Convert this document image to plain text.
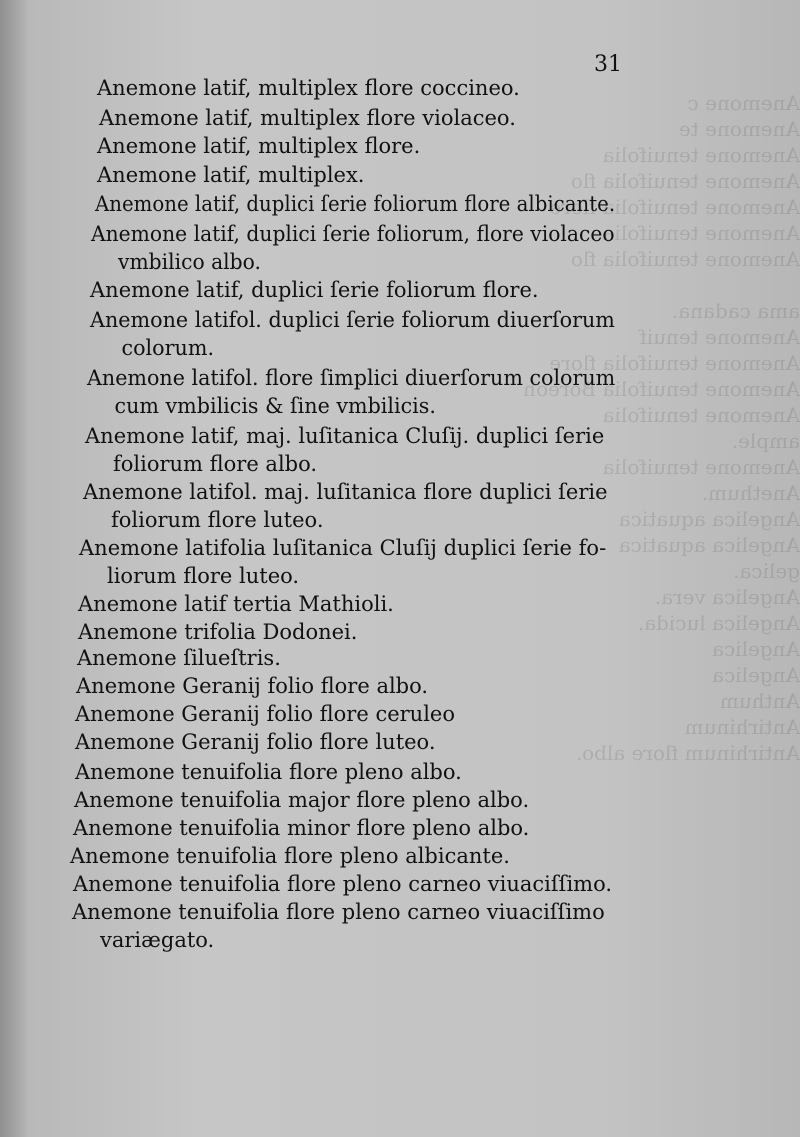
Anemone c
Anemone te
Anemone tenuifolia
Anemone tenuifolia flo
Anemone tenuifolia flore
Anemone tenuifolia
Anemone tenuifolia flo
ama cadana.
Anemone tenuif
Anemone tenuifolia flore
Anemone tenuifolia Boreoh
Anemone tenuifolia
ample.
Anemone tenuifolia
Anethum.
Angelica aquatica
Angelica aquatica
gelica.
Angelica vera.
Angelica lucida.
Angelica
Angelica
Anthum
Antirhinum
Antirhinum flore albo.
31
Anemone latif, multiplex flore coccineo.
Anemone latif, multiplex flore violaceo.
Anemone latif, multiplex flore.
Anemone latif, multiplex.
Anemone latif, duplici ſerie foliorum flore albicante.
Anemone latif, duplici ſerie foliorum, flore violaceo
vmbilico albo.
Anemone latif, duplici ſerie foliorum flore.
Anemone latifol. duplici ſerie foliorum diuerſorum
colorum.
Anemone latifol. flore ſimplici diuerſorum colorum
cum vmbilicis & ſine vmbilicis.
Anemone latif, maj. luſitanica Cluſij. duplici ſerie
foliorum flore albo.
Anemone latifol. maj. luſitanica flore duplici ſerie
foliorum flore luteo.
Anemone latifolia luſitanica Cluſij duplici ſerie fo-
liorum flore luteo.
Anemone latif tertia Mathioli.
Anemone trifolia Dodonei.
Anemone ſilueſtris.
Anemone Geranij folio flore albo.
Anemone Geranij folio flore ceruleo
Anemone Geranij folio flore luteo.
Anemone tenuifolia flore pleno albo.
Anemone tenuifolia major flore pleno albo.
Anemone tenuifolia minor flore pleno albo.
Anemone tenuifolia flore pleno albicante.
Anemone tenuifolia flore pleno carneo viuaciſſimo.
Anemone tenuifolia flore pleno carneo viuaciſſimo
variægato.
